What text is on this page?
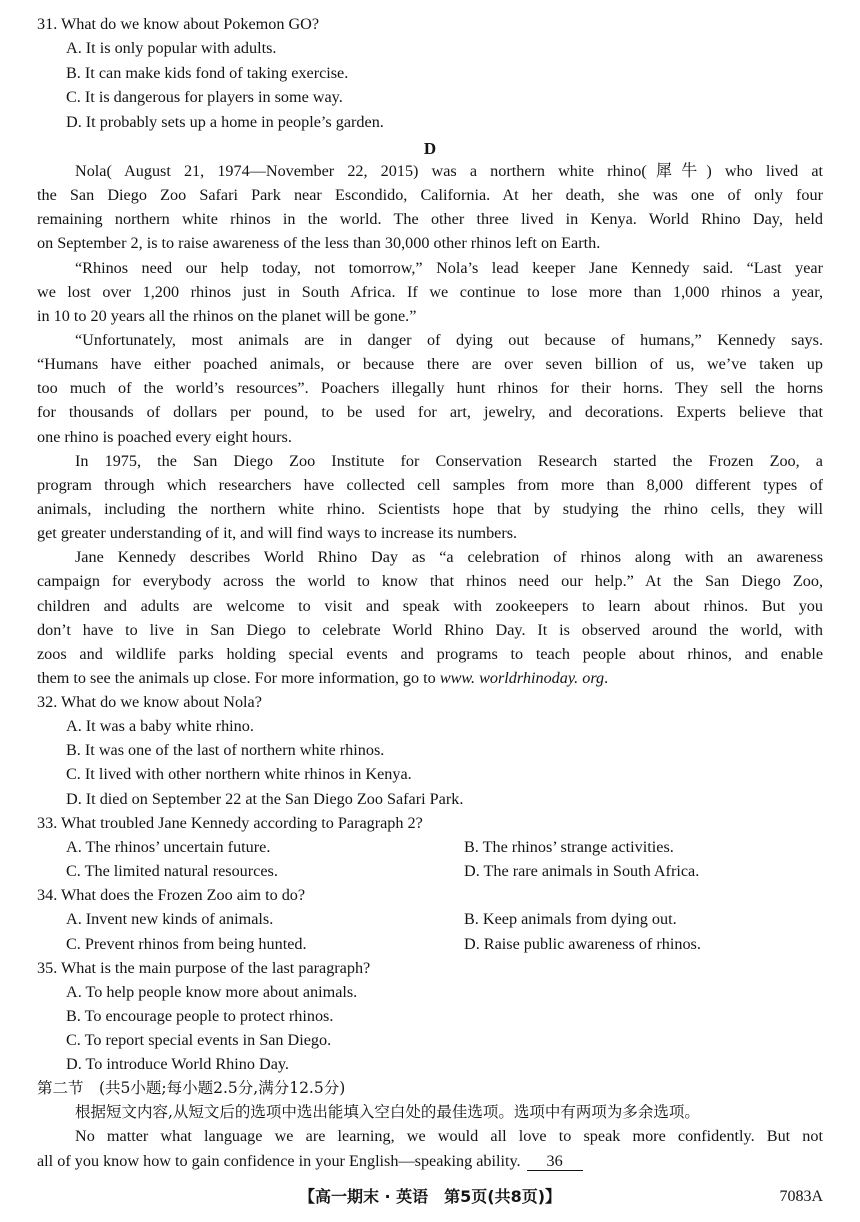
31. What do we know about Pokemon GO?
A. It is only popular with adults.
B. It can make kids fond of taking exercise.
C. It is dangerous for players in some way.
D. It probably sets up a home in people’s garden.
D
Nola( August 21, 1974—November 22, 2015) was a northern white rhino(犀牛) who lived at
the San Diego Zoo Safari Park near Escondido, California. At her death, she was one of only four
remaining northern white rhinos in the world. The other three lived in Kenya. World Rhino Day, held
on September 2, is to raise awareness of the less than 30,000 other rhinos left on Earth.
“Rhinos need our help today, not tomorrow,” Nola’s lead keeper Jane Kennedy said. “Last year
we lost over 1,200 rhinos just in South Africa. If we continue to lose more than 1,000 rhinos a year,
in 10 to 20 years all the rhinos on the planet will be gone.”
“Unfortunately, most animals are in danger of dying out because of humans,” Kennedy says.
“Humans have either poached animals, or because there are over seven billion of us, we’ve taken up
too much of the world’s resources”. Poachers illegally hunt rhinos for their horns. They sell the horns
for thousands of dollars per pound, to be used for art, jewelry, and decorations. Experts believe that
one rhino is poached every eight hours.
In 1975, the San Diego Zoo Institute for Conservation Research started the Frozen Zoo, a
program through which researchers have collected cell samples from more than 8,000 different types of
animals, including the northern white rhino. Scientists hope that by studying the rhino cells, they will
get greater understanding of it, and will find ways to increase its numbers.
Jane Kennedy describes World Rhino Day as “a celebration of rhinos along with an awareness
campaign for everybody across the world to know that rhinos need our help.” At the San Diego Zoo,
children and adults are welcome to visit and speak with zookeepers to learn about rhinos. But you
don’t have to live in San Diego to celebrate World Rhino Day. It is observed around the world, with
zoos and wildlife parks holding special events and programs to teach people about rhinos, and enable
them to see the animals up close. For more information, go to www. worldrhinoday. org.
32. What do we know about Nola?
A. It was a baby white rhino.
B. It was one of the last of northern white rhinos.
C. It lived with other northern white rhinos in Kenya.
D. It died on September 22 at the San Diego Zoo Safari Park.
33. What troubled Jane Kennedy according to Paragraph 2?
A. The rhinos’ uncertain future.	B. The rhinos’ strange activities.
C. The limited natural resources.	D. The rare animals in South Africa.
34. What does the Frozen Zoo aim to do?
A. Invent new kinds of animals.	B. Keep animals from dying out.
C. Prevent rhinos from being hunted.	D. Raise public awareness of rhinos.
35. What is the main purpose of the last paragraph?
A. To help people know more about animals.
B. To encourage people to protect rhinos.
C. To report special events in San Diego.
D. To introduce World Rhino Day.
第二节　(共5小题;每小题2.5分,满分12.5分)
根据短文内容,从短文后的选项中选出能填入空白处的最佳选项。选项中有两项为多余选项。
No matter what language we are learning, we would all love to speak more confidently. But not
all of you know how to gain confidence in your English—speaking ability. 36
【高一期末 · 英语　第5页(共8页)】	7083A
